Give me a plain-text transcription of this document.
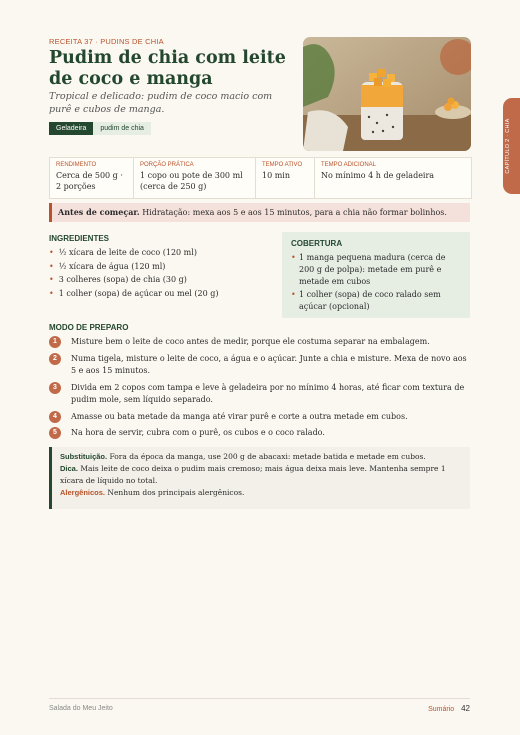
RECEITA 37 · PUDINS DE CHIA
Pudim de chia com leite de coco e manga
Tropical e delicado: pudim de coco macio com purê e cubos de manga.
Geladeira	pudim de chia	CAPÍTULO 2 · CHIA
RENDIMENTO
Cerca de 500 g · 2 porções
PORÇÃO PRÁTICA
1 copo ou pote de 300 ml (cerca de 250 g)
TEMPO ATIVO
10 min
TEMPO ADICIONAL
No mínimo 4 h de geladeira
Antes de começar. Hidratação: mexa aos 5 e aos 15 minutos, para a chia não formar bolinhos.
INGREDIENTES
• ½ xícara de leite de coco (120 ml)
• ½ xícara de água (120 ml)
• 3 colheres (sopa) de chia (30 g)
• 1 colher (sopa) de açúcar ou mel (20 g)
COBERTURA
• 1 manga pequena madura (cerca de 200 g de polpa): metade em purê e metade em cubos
• 1 colher (sopa) de coco ralado sem açúcar (opcional)
MODO DE PREPARO
1	Misture bem o leite de coco antes de medir, porque ele costuma separar na embalagem.
2	Numa tigela, misture o leite de coco, a água e o açúcar. Junte a chia e misture. Mexa de novo aos 5 e aos 15 minutos.
3	Divida em 2 copos com tampa e leve à geladeira por no mínimo 4 horas, até ficar com textura de pudim mole, sem líquido separado.
4	Amasse ou bata metade da manga até virar purê e corte a outra metade em cubos.
5	Na hora de servir, cubra com o purê, os cubos e o coco ralado.
Substituição. Fora da época da manga, use 200 g de abacaxi: metade batida e metade em cubos.
Dica. Mais leite de coco deixa o pudim mais cremoso; mais água deixa mais leve. Mantenha sempre 1 xícara de líquido no total.
Alergênicos. Nenhum dos principais alergênicos.
Salada do Meu Jeito	Sumário 42
